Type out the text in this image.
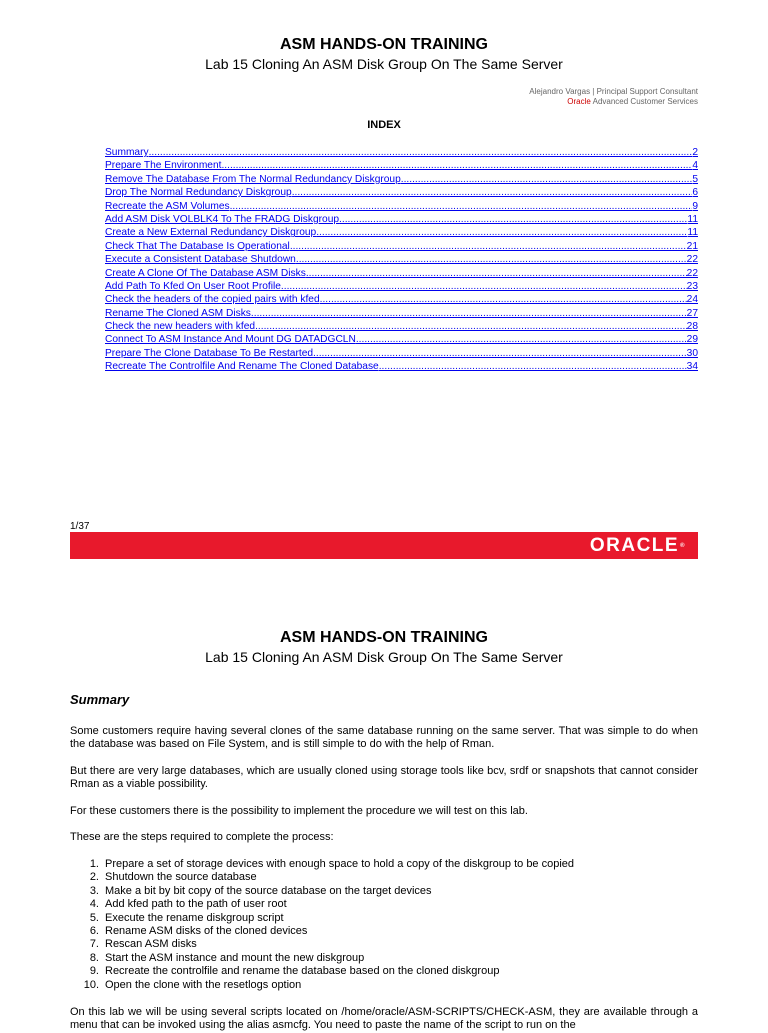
ASM HANDS-ON TRAINING
Lab 15 Cloning An ASM Disk Group On The Same Server
Alejandro Vargas | Principal Support Consultant
Oracle Advanced Customer Services
INDEX
Summary .....	2
Prepare The Environment .....	4
Remove The Database From The Normal Redundancy Diskgroup .....	5
Drop The Normal Redundancy Diskgroup .....	6
Recreate the ASM Volumes .....	9
Add ASM Disk VOLBLK4 To The FRADG Diskgroup .....	11
Create a New External Redundancy Diskgroup .....	11
Check That The Database Is Operational .....	21
Execute a Consistent Database Shutdown .....	22
Create A Clone Of The Database ASM Disks .....	22
Add Path To Kfed On User Root Profile .....	23
Check the headers of the copied pairs with kfed .....	24
Rename The Cloned ASM Disks .....	27
Check the new headers with kfed .....	28
Connect To ASM Instance And Mount DG DATADGCLN .....	29
Prepare The Clone Database To Be Restarted .....	30
Recreate The Controlfile And Rename The Cloned Database .....	34
1/37
ORACLE ®
ASM HANDS-ON TRAINING
Lab 15 Cloning An ASM Disk Group On The Same Server
Summary
Some customers require having several clones of the same database running on the same server. That was simple to do when the database was based on File System, and is still simple to do with the help of Rman.
But there are very large databases, which are usually cloned using storage tools like bcv, srdf or snapshots that cannot consider Rman as a viable possibility.
For these customers there is the possibility to implement the procedure we will test on this lab.
These are the steps required to complete the process:
1. Prepare a set of storage devices with enough space to hold a copy of the diskgroup to be copied
2. Shutdown the source database
3. Make a bit by bit copy of the source database on the target devices
4. Add kfed path to the path of user root
5. Execute the rename diskgroup script
6. Rename ASM disks of the cloned devices
7. Rescan ASM disks
8. Start the ASM instance and mount the new diskgroup
9. Recreate the controlfile and rename the database based on the cloned diskgroup
10. Open the clone with the resetlogs option
On this lab we will be using several scripts located on /home/oracle/ASM-SCRIPTS/CHECK-ASM, they are available through a menu that can be invoked using the alias asmcfg. You need to paste the name of the script to run on the
